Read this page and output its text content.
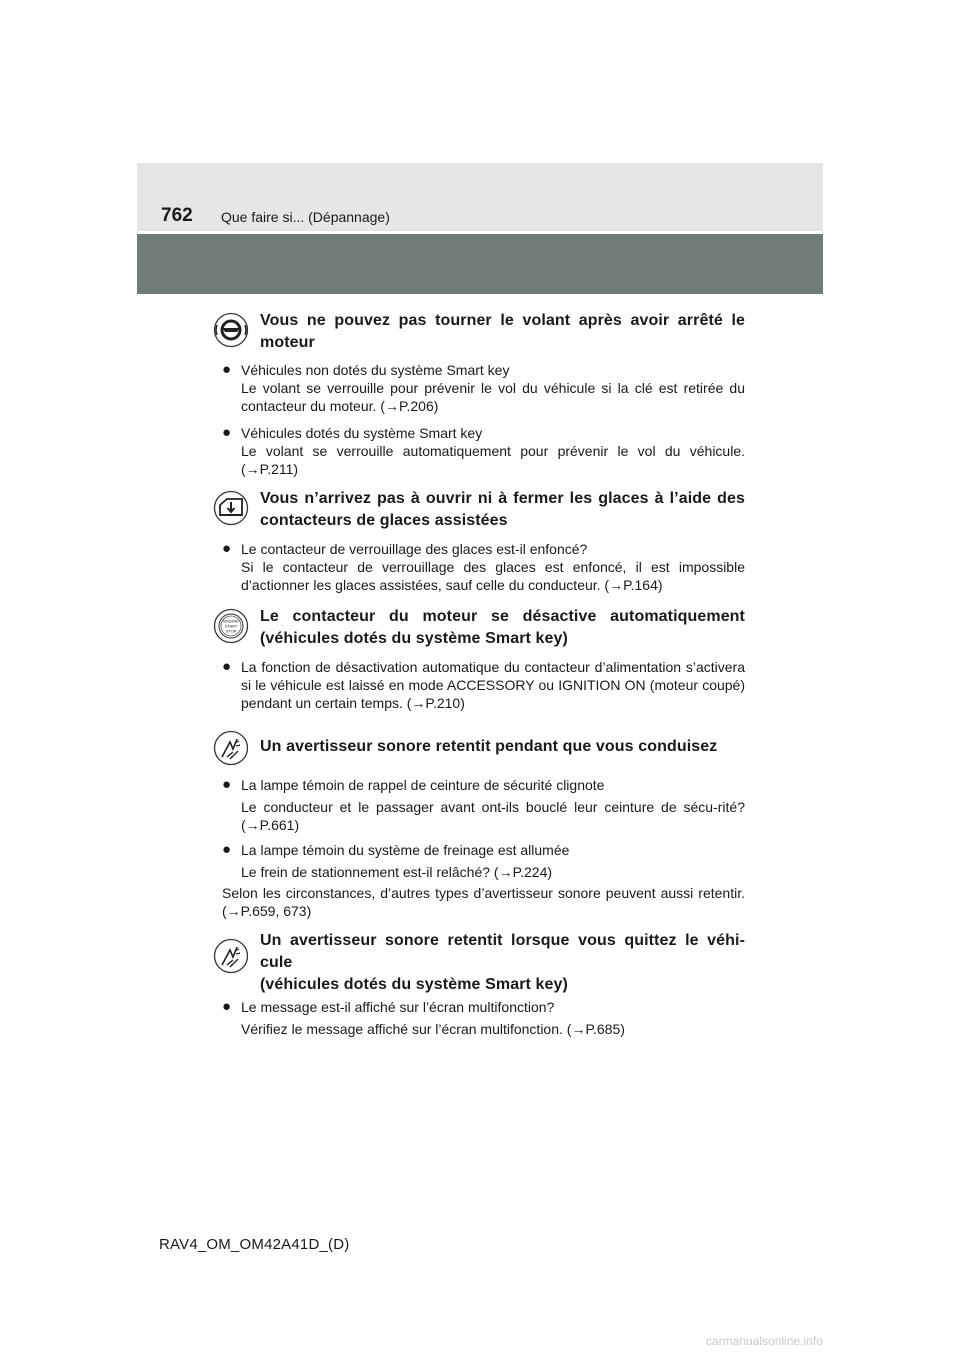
762 Que faire si... (Dépannage)
Vous ne pouvez pas tourner le volant après avoir arrêté le moteur
● Véhicules non dotés du système Smart key

Le volant se verrouille pour prévenir le vol du véhicule si la clé est retirée du contacteur du moteur. (→P.206)

● Véhicules dotés du système Smart key

Le volant se verrouille automatiquement pour prévenir le vol du véhicule. (→P.211)

Vous n’arrivez pas à ouvrir ni à fermer les glaces à l’aide des contacteurs de glaces assistées
● Le contacteur de verrouillage des glaces est-il enfoncé?

Si le contacteur de verrouillage des glaces est enfoncé, il est impossible d’actionner les glaces assistées, sauf celle du conducteur. (→P.164)

ENGINE
START
STOP
Le contacteur du moteur se désactive automatiquement (véhicules dotés du système Smart key)
● La fonction de désactivation automatique du contacteur d’alimentation s’activera si le véhicule est laissé en mode ACCESSORY ou IGNITION ON (moteur coupé) pendant un certain temps. (→P.210)

Un avertisseur sonore retentit pendant que vous conduisez
● La lampe témoin de rappel de ceinture de sécurité clignote

Le conducteur et le passager avant ont-ils bouclé leur ceinture de sécu-rité? (→P.661)

● La lampe témoin du système de freinage est allumée

Le frein de stationnement est-il relâché? (→P.224)

Selon les circonstances, d’autres types d’avertisseur sonore peuvent aussi retentir. (→P.659, 673)

Un avertisseur sonore retentit lorsque vous quittez le véhi-cule
(véhicules dotés du système Smart key)
● Le message est-il affiché sur l’écran multifonction?

Vérifiez le message affiché sur l’écran multifonction. (→P.685)

RAV4_OM_OM42A41D_(D)
carmanualsonline.info
